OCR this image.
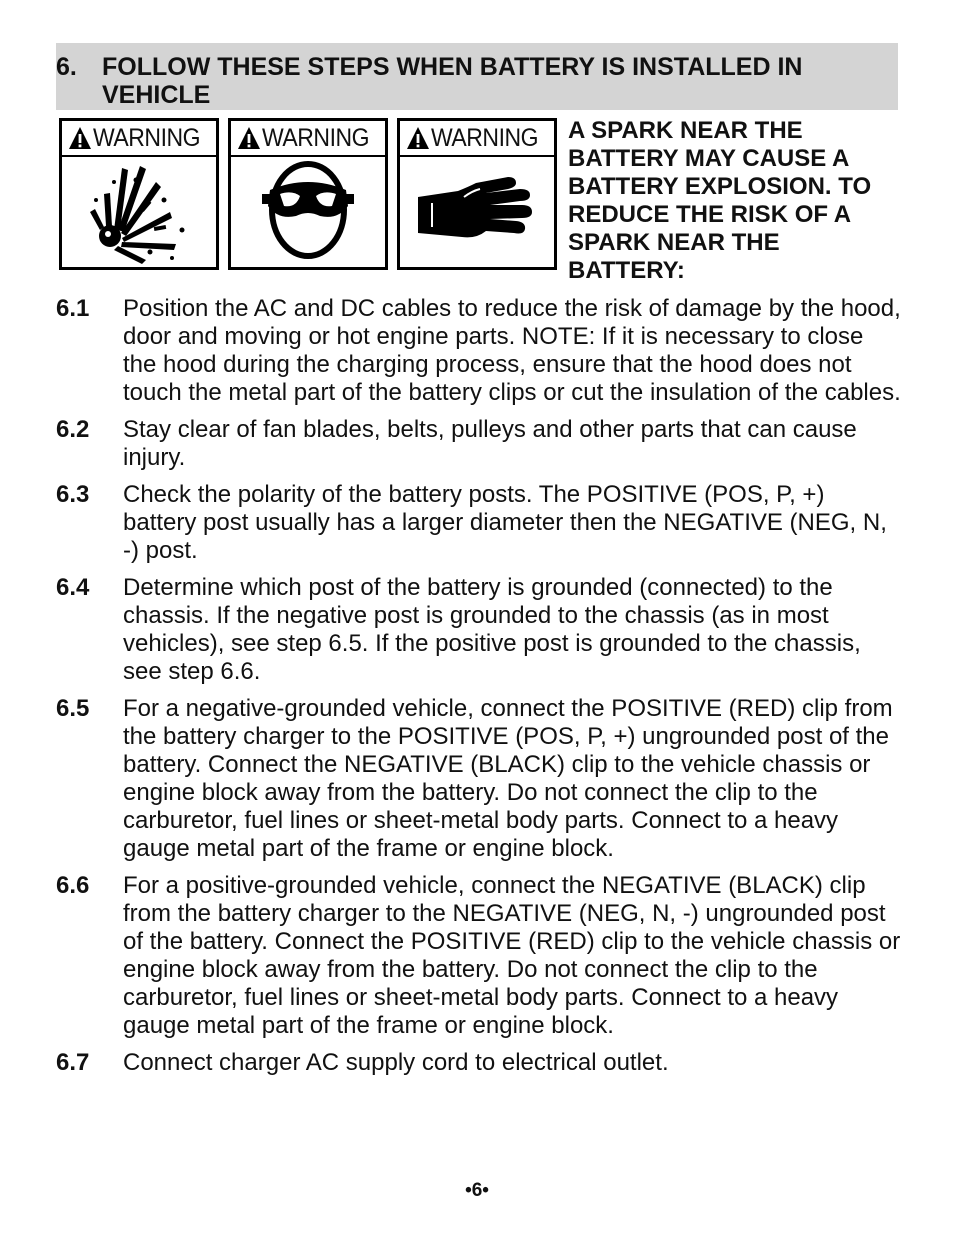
6. FOLLOW THESE STEPS WHEN BATTERY IS INSTALLED IN VEHICLE
WARNING WARNING WARNING A SPARK NEAR THE BATTERY MAY CAUSE A BATTERY EXPLOSION. TO REDUCE THE RISK OF A SPARK NEAR THE BATTERY:
6.1 Position the AC and DC cables to reduce the risk of damage by the hood, door and moving or hot engine parts. NOTE: If it is necessary to close the hood during the charging process, ensure that the hood does not touch the metal part of the battery clips or cut the insulation of the cables.
6.2 Stay clear of fan blades, belts, pulleys and other parts that can cause injury.
6.3 Check the polarity of the battery posts. The POSITIVE (POS, P, +) battery post usually has a larger diameter then the NEGATIVE (NEG, N, -) post.
6.4 Determine which post of the battery is grounded (connected) to the chassis. If the negative post is grounded to the chassis (as in most vehicles), see step 6.5. If the positive post is grounded to the chassis, see step 6.6.
6.5 For a negative-grounded vehicle, connect the POSITIVE (RED) clip from the battery charger to the POSITIVE (POS, P, +) ungrounded post of the battery. Connect the NEGATIVE (BLACK) clip to the vehicle chassis or engine block away from the battery. Do not connect the clip to the carburetor, fuel lines or sheet-metal body parts. Connect to a heavy gauge metal part of the frame or engine block.
6.6 For a positive-grounded vehicle, connect the NEGATIVE (BLACK) clip from the battery charger to the NEGATIVE (NEG, N, -) ungrounded post of the battery. Connect the POSITIVE (RED) clip to the vehicle chassis or engine block away from the battery. Do not connect the clip to the carburetor, fuel lines or sheet-metal body parts. Connect to a heavy gauge metal part of the frame or engine block.
6.7 Connect charger AC supply cord to electrical outlet.
•6•
